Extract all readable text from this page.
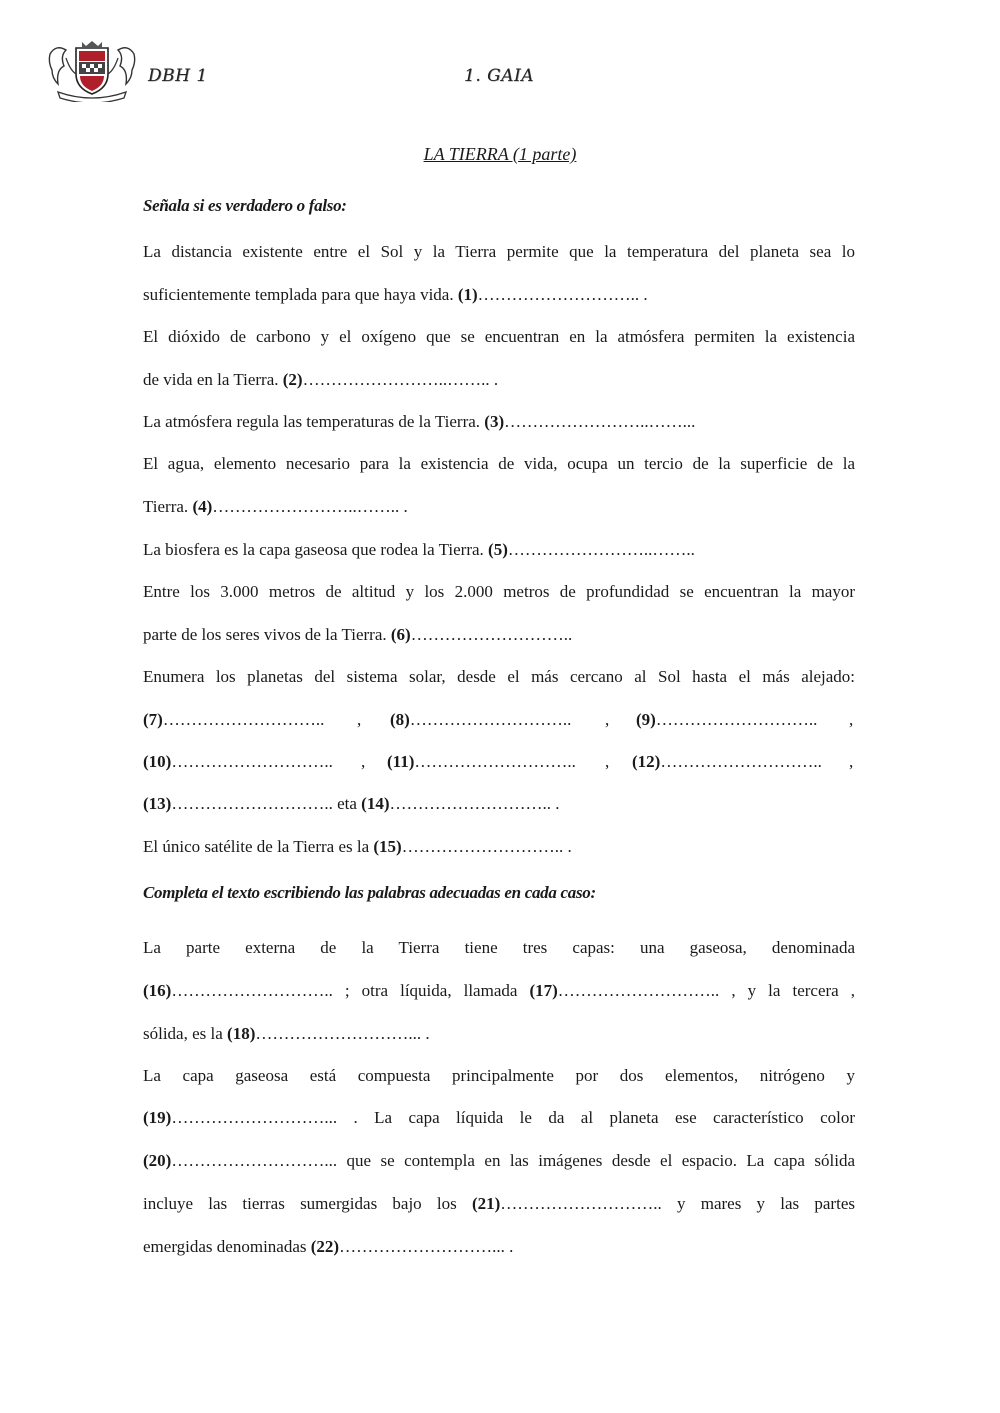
DBH 1	1. GAIA
LA TIERRA (1 parte)
Señala si es verdadero o falso:
La distancia existente entre el Sol y la Tierra permite que la temperatura del planeta sea lo
suficientemente templada para que haya vida. (1)……………………….. .
El dióxido de carbono y el oxígeno que se encuentran en la atmósfera permiten la existencia
de vida en la Tierra. (2)……………………..…….. .
La atmósfera regula las temperaturas de la Tierra. (3)……………………..……...
El agua, elemento necesario para la existencia de vida, ocupa un tercio de la superficie de la
Tierra. (4)……………………..…….. .
La biosfera es la capa gaseosa que rodea la Tierra. (5)……………………..……..
Entre los 3.000 metros de altitud y los 2.000 metros de profundidad se encuentran la mayor
parte de los seres vivos de la Tierra. (6)………………………..
Enumera los planetas del sistema solar, desde el más cercano al Sol hasta el más alejado:
(7)……………………….. , (8)……………………….. , (9)……………………….. ,
(10)……………………….. , (11)……………………….. , (12)……………………….. ,
(13)……………………….. eta (14)……………………….. .
El único satélite de la Tierra es la (15)……………………….. .
Completa el texto escribiendo las palabras adecuadas en cada caso:
La parte externa de la Tierra tiene tres capas: una gaseosa, denominada
(16)……………………….. ; otra líquida, llamada (17)……………………….. , y la tercera ,
sólida, es la (18)………………………... .
La capa gaseosa está compuesta principalmente por dos elementos, nitrógeno y
(19)………………………... . La capa líquida le da al planeta ese característico color
(20)………………………... que se contempla en las imágenes desde el espacio. La capa sólida
incluye las tierras sumergidas bajo los (21)……………………….. y mares y las partes
emergidas denominadas (22)………………………... .
